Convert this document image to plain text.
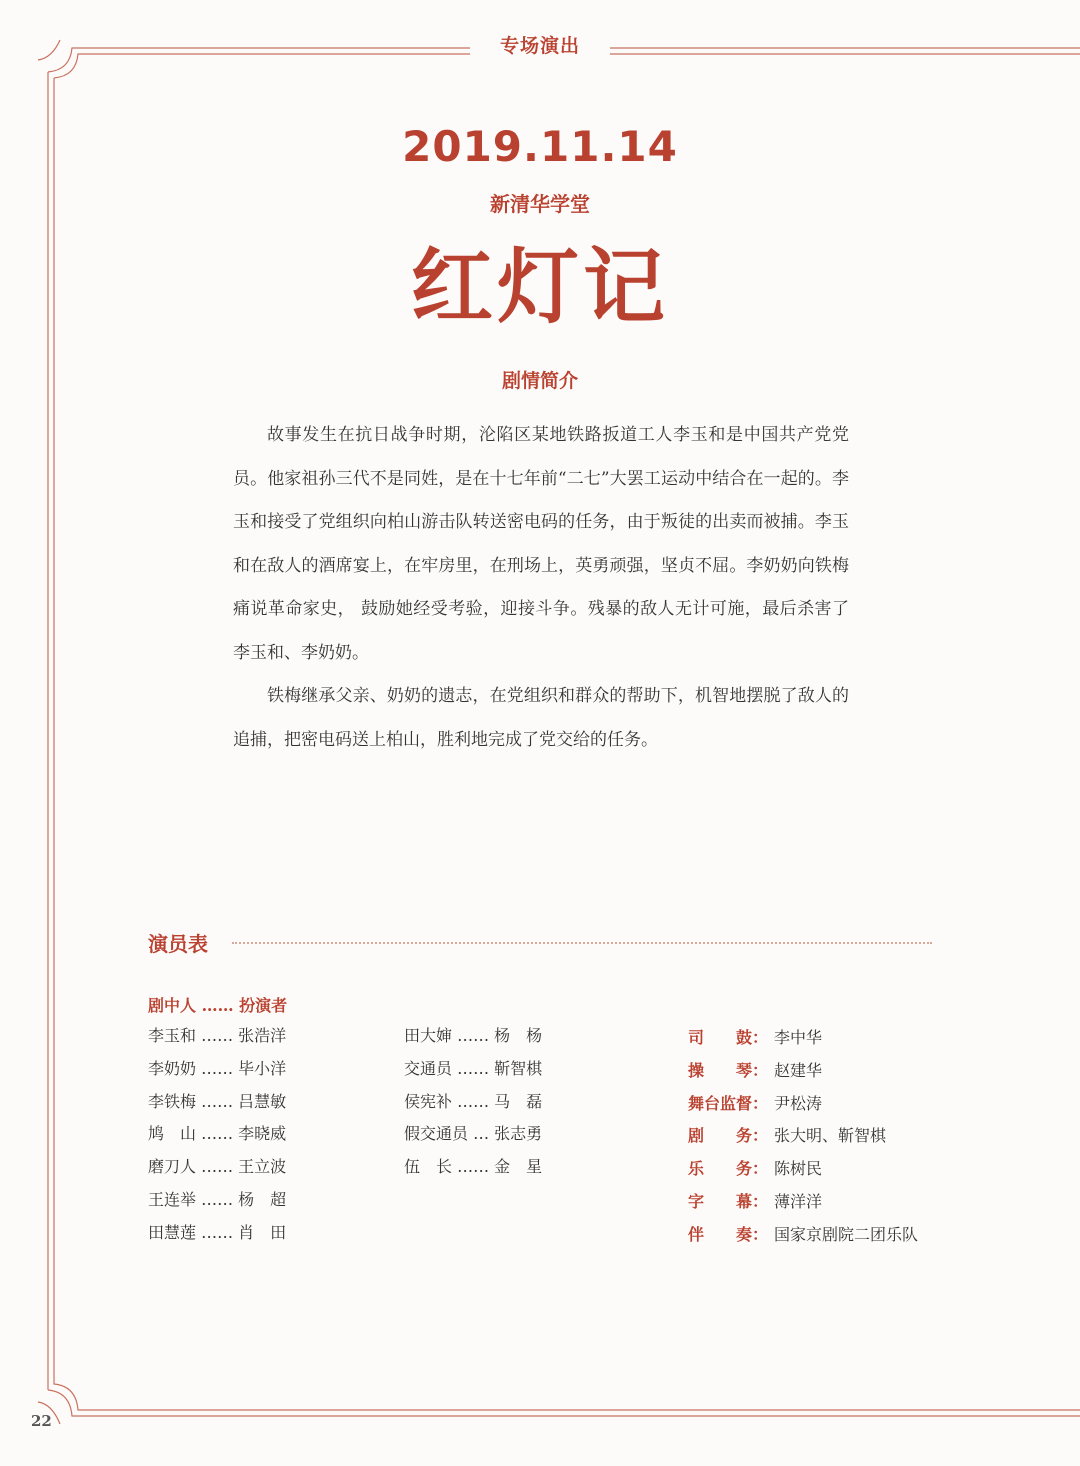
专场演出
2019.11.14
新清华学堂
红灯记
剧情简介

故事发生在抗日战争时期，沦陷区某地铁路扳道工人李玉和是中国共产党党员。他家祖孙三代不是同姓，是在十七年前“二七”大罢工运动中结合在一起的。李玉和接受了党组织向柏山游击队转送密电码的任务，由于叛徒的出卖而被捕。李玉和在敌人的酒席宴上，在牢房里，在刑场上，英勇顽强，坚贞不屈。李奶奶向铁梅痛说革命家史， 鼓励她经受考验，迎接斗争。残暴的敌人无计可施，最后杀害了李玉和、李奶奶。

铁梅继承父亲、奶奶的遗志，在党组织和群众的帮助下，机智地摆脱了敌人的追捕，把密电码送上柏山，胜利地完成了党交给的任务。

演员表
剧中人 …… 扮演者
李玉和 …… 张浩洋
李奶奶 …… 毕小洋
李铁梅 …… 吕慧敏
鸠　山 …… 李晓威
磨刀人 …… 王立波
王连举 …… 杨　超
田慧莲 …… 肖　田
田大婶 …… 杨　杨
交通员 …… 靳智棋
侯宪补 …… 马　磊
假交通员 … 张志勇
伍　长 …… 金　星
司　　鼓： 李中华
操　　琴： 赵建华
舞台监督： 尹松涛
剧　　务： 张大明、靳智棋
乐　　务： 陈树民
字　　幕： 薄洋洋
伴　　奏： 国家京剧院二团乐队
22
